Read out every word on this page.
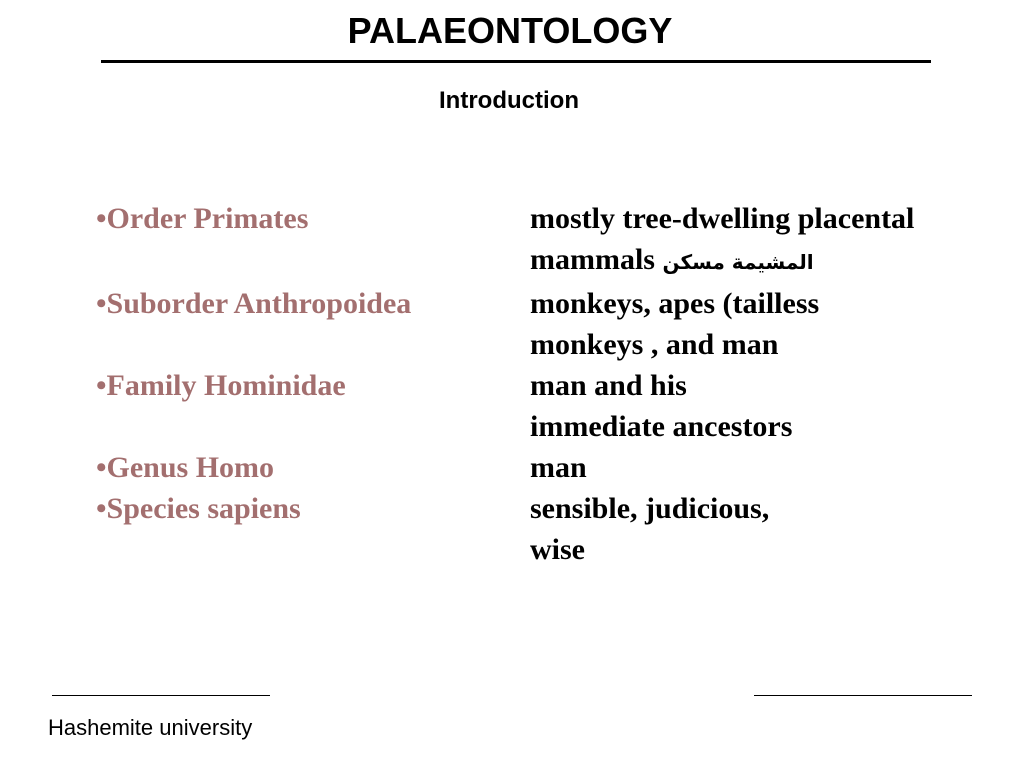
PALAEONTOLOGY
Introduction
•Order Primates	mostly tree-dwelling placental
mammals المشيمة مسكن
•Suborder Anthropoidea	monkeys, apes (tailless
monkeys , and man
•Family Hominidae	man and his
immediate ancestors
•Genus Homo	man
•Species sapiens	sensible, judicious,
wise
Hashemite university
